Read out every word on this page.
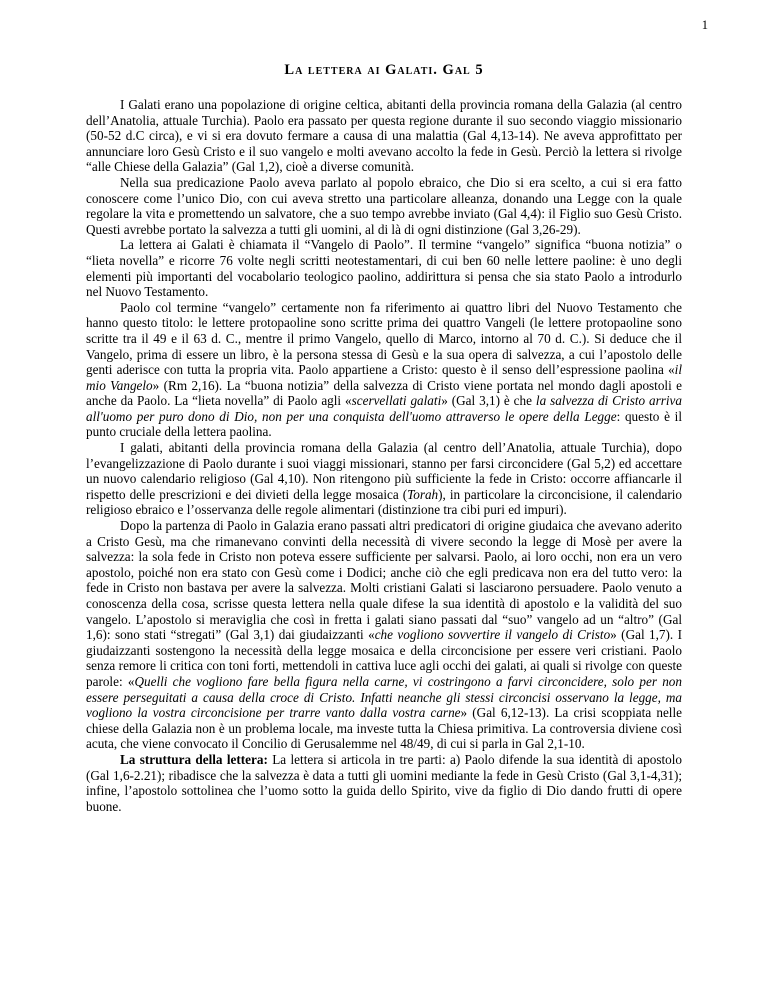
1
La lettera ai Galati. Gal 5

I Galati erano una popolazione di origine celtica, abitanti della provincia romana della Galazia (al centro dell’Anatolia, attuale Turchia). Paolo era passato per questa regione durante il suo secondo viaggio missionario (50-52 d.C circa), e vi si era dovuto fermare a causa di una malattia (Gal 4,13-14). Ne aveva approfittato per annunciare loro Gesù Cristo e il suo vangelo e molti avevano accolto la fede in Gesù. Perciò la lettera si rivolge “alle Chiese della Galazia” (Gal 1,2), cioè a diverse comunità.

Nella sua predicazione Paolo aveva parlato al popolo ebraico, che Dio si era scelto, a cui si era fatto conoscere come l’unico Dio, con cui aveva stretto una particolare alleanza, donando una Legge con la quale regolare la vita e promettendo un salvatore, che a suo tempo avrebbe inviato (Gal 4,4): il Figlio suo Gesù Cristo. Questi avrebbe portato la salvezza a tutti gli uomini, al di là di ogni distinzione (Gal 3,26-29).

La lettera ai Galati è chiamata il “Vangelo di Paolo”. Il termine “vangelo” significa “buona notizia” o “lieta novella” e ricorre 76 volte negli scritti neotestamentari, di cui ben 60 nelle lettere paoline: è uno degli elementi più importanti del vocabolario teologico paolino, addirittura si pensa che sia stato Paolo a introdurlo nel Nuovo Testamento.

Paolo col termine “vangelo” certamente non fa riferimento ai quattro libri del Nuovo Testamento che hanno questo titolo: le lettere protopaoline sono scritte prima dei quattro Vangeli (le lettere protopaoline sono scritte tra il 49 e il 63 d. C., mentre il primo Vangelo, quello di Marco, intorno al 70 d. C.). Si deduce che il Vangelo, prima di essere un libro, è la persona stessa di Gesù e la sua opera di salvezza, a cui l’apostolo delle genti aderisce con tutta la propria vita. Paolo appartiene a Cristo: questo è il senso dell’espressione paolina «il mio Vangelo» (Rm 2,16). La “buona notizia” della salvezza di Cristo viene portata nel mondo dagli apostoli e anche da Paolo. La “lieta novella” di Paolo agli «scervellati galati» (Gal 3,1) è che la salvezza di Cristo arriva all'uomo per puro dono di Dio, non per una conquista dell'uomo attraverso le opere della Legge: questo è il punto cruciale della lettera paolina.

I galati, abitanti della provincia romana della Galazia (al centro dell’Anatolia, attuale Turchia), dopo l’evangelizzazione di Paolo durante i suoi viaggi missionari, stanno per farsi circoncidere (Gal 5,2) ed accettare un nuovo calendario religioso (Gal 4,10). Non ritengono più sufficiente la fede in Cristo: occorre affiancarle il rispetto delle prescrizioni e dei divieti della legge mosaica (Torah), in particolare la circoncisione, il calendario religioso ebraico e l’osservanza delle regole alimentari (distinzione tra cibi puri ed impuri).

Dopo la partenza di Paolo in Galazia erano passati altri predicatori di origine giudaica che avevano aderito a Cristo Gesù, ma che rimanevano convinti della necessità di vivere secondo la legge di Mosè per avere la salvezza: la sola fede in Cristo non poteva essere sufficiente per salvarsi. Paolo, ai loro occhi, non era un vero apostolo, poiché non era stato con Gesù come i Dodici; anche ciò che egli predicava non era del tutto vero: la fede in Cristo non bastava per avere la salvezza. Molti cristiani Galati si lasciarono persuadere. Paolo venuto a conoscenza della cosa, scrisse questa lettera nella quale difese la sua identità di apostolo e la validità del suo vangelo. L’apostolo si meraviglia che così in fretta i galati siano passati dal “suo” vangelo ad un “altro” (Gal 1,6): sono stati “stregati” (Gal 3,1) dai giudaizzanti «che vogliono sovvertire il vangelo di Cristo» (Gal 1,7). I giudaizzanti sostengono la necessità della legge mosaica e della circoncisione per essere veri cristiani. Paolo senza remore li critica con toni forti, mettendoli in cattiva luce agli occhi dei galati, ai quali si rivolge con queste parole: «Quelli che vogliono fare bella figura nella carne, vi costringono a farvi circoncidere, solo per non essere perseguitati a causa della croce di Cristo. Infatti neanche gli stessi circoncisi osservano la legge, ma vogliono la vostra circoncisione per trarre vanto dalla vostra carne» (Gal 6,12-13). La crisi scoppiata nelle chiese della Galazia non è un problema locale, ma investe tutta la Chiesa primitiva. La controversia diviene così acuta, che viene convocato il Concilio di Gerusalemme nel 48/49, di cui si parla in Gal 2,1-10.

La struttura della lettera: La lettera si articola in tre parti: a) Paolo difende la sua identità di apostolo (Gal 1,6-2.21); ribadisce che la salvezza è data a tutti gli uomini mediante la fede in Gesù Cristo (Gal 3,1-4,31); infine, l’apostolo sottolinea che l’uomo sotto la guida dello Spirito, vive da figlio di Dio dando frutti di opere buone.
